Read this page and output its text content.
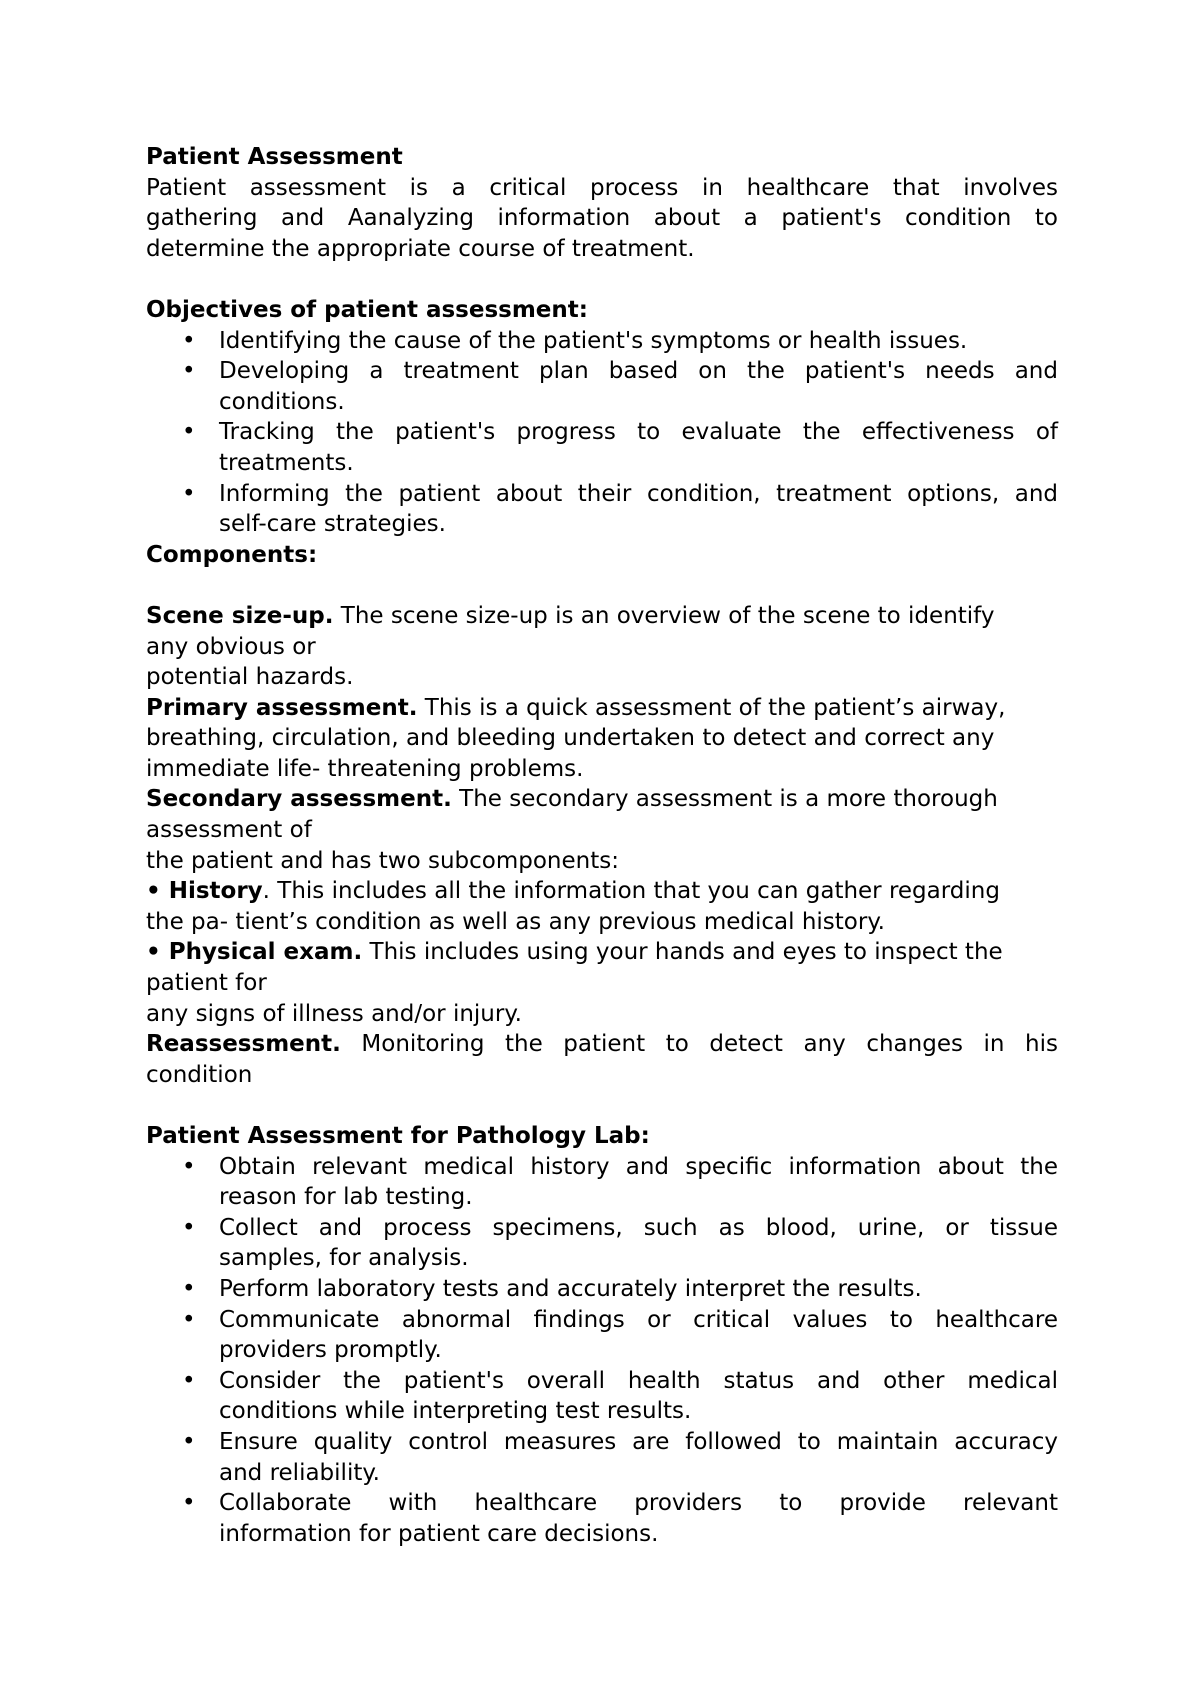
Patient Assessment
Patient assessment is a critical process in healthcare that involves
gathering and Aanalyzing information about a patient's condition to
determine the appropriate course of treatment.
Objectives of patient assessment:
• Identifying the cause of the patient's symptoms or health issues.
• Developing a treatment plan based on the patient's needs and
conditions.
• Tracking the patient's progress to evaluate the effectiveness of
treatments.
• Informing the patient about their condition, treatment options, and
self-care strategies.
Components:
Scene size-up. The scene size-up is an overview of the scene to identify
any obvious or
potential hazards.
Primary assessment. This is a quick assessment of the patient’s airway,
breathing, circulation, and bleeding undertaken to detect and correct any
immediate life- threatening problems.
Secondary assessment. The secondary assessment is a more thorough
assessment of
the patient and has two subcomponents:
• History. This includes all the information that you can gather regarding
the pa- tient’s condition as well as any previous medical history.
• Physical exam. This includes using your hands and eyes to inspect the
patient for
any signs of illness and/or injury.
Reassessment. Monitoring the patient to detect any changes in his
condition
Patient Assessment for Pathology Lab:
• Obtain relevant medical history and specific information about the
reason for lab testing.
• Collect and process specimens, such as blood, urine, or tissue
samples, for analysis.
• Perform laboratory tests and accurately interpret the results.
• Communicate abnormal findings or critical values to healthcare
providers promptly.
• Consider the patient's overall health status and other medical
conditions while interpreting test results.
• Ensure quality control measures are followed to maintain accuracy
and reliability.
• Collaborate with healthcare providers to provide relevant
information for patient care decisions.
